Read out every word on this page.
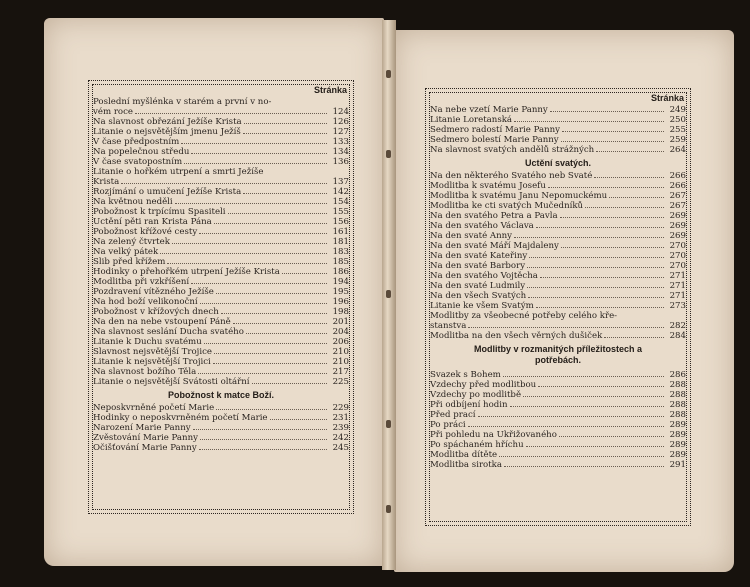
Stránka
Poslední myšlénka v starém a první v no-
vém roce	124
Na slavnost obřezání Ježíše Krista	126
Litanie o nejsvětějším jmenu Ježíš	127
V čase předpostním	133
Na popelečnou středu	134
V čase svatopostním	136
Litanie o hořkém utrpení a smrti Ježíše
Krista	137
Rozjímání o umučení Ježíše Krista	142
Na květnou neděli	154
Pobožnost k trpícímu Spasiteli	155
Uctění pěti ran Krista Pána	156
Pobožnost křížové cesty	161
Na zelený čtvrtek	181
Na velký pátek	183
Slib před křížem	185
Hodinky o přehořkém utrpení Ježíše Krista	186
Modlitba při vzkříšení	194
Pozdravení vítězného Ježíše	195
Na hod boží velikonoční	196
Pobožnost v křížových dnech	198
Na den na nebe vstoupení Páně	201
Na slavnost seslání Ducha svatého	204
Litanie k Duchu svatému	206
Slavnost nejsvětější Trojice	210
Litanie k nejsvětější Trojici	210
Na slavnost božího Těla	217
Litanie o nejsvětější Svátosti oltářní	225
Pobožnost k matce Boží.
Neposkvrněné početí Marie	229
Hodinky o neposkvrněném početí Marie	231
Narození Marie Panny	239
Zvěstování Marie Panny	242
Očišťování Marie Panny	245
Stránka
Na nebe vzetí Marie Panny	249
Litanie Loretanská	250
Sedmero radostí Marie Panny	255
Sedmero bolestí Marie Panny	259
Na slavnost svatých andělů strážných	264
Uctění svatých.
Na den některého Svatého neb Svaté	266
Modlitba k svatému Josefu	266
Modlitba k svatému Janu Nepomuckému	267
Modlitba ke cti svatých Mučedníků	267
Na den svatého Petra a Pavla	269
Na den svatého Václava	269
Na den svaté Anny	269
Na den svaté Máří Majdaleny	270
Na den svaté Kateřiny	270
Na den svaté Barbory	270
Na den svatého Vojtěcha	271
Na den svaté Ludmily	271
Na den všech Svatých	271
Litanie ke všem Svatým	273
Modlitby za všeobecné potřeby celého kře-
stanstva	282
Modlitba na den všech věrných dušiček	284
Modlitby v rozmanitých příležitostech a
potřebách.
Svazek s Bohem	286
Vzdechy před modlitbou	288
Vzdechy po modlitbě	288
Při odbíjení hodin	288
Před prací	288
Po práci	289
Při pohledu na Ukřižovaného	289
Po spáchaném hříchu	289
Modlitba dítěte	289
Modlitba sirotka	291
